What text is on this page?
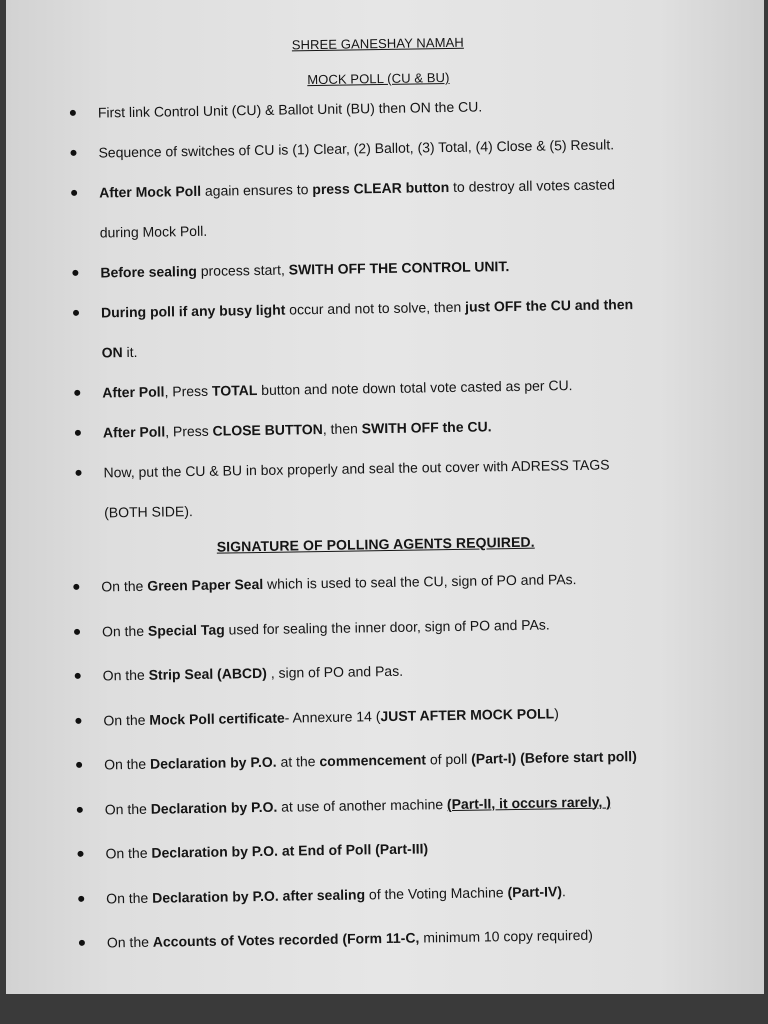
SHREE GANESHAY NAMAH
MOCK POLL (CU & BU)
First link Control Unit (CU) & Ballot Unit (BU) then ON the CU.
Sequence of switches of CU is (1) Clear, (2) Ballot, (3) Total, (4) Close & (5) Result.
After Mock Poll again ensures to press CLEAR button to destroy all votes casted
during Mock Poll.
Before sealing process start, SWITH OFF THE CONTROL UNIT.
During poll if any busy light occur and not to solve, then just OFF the CU and then
ON it.
After Poll, Press TOTAL button and note down total vote casted as per CU.
After Poll, Press CLOSE BUTTON, then SWITH OFF the CU.
Now, put the CU & BU in box properly and seal the out cover with ADRESS TAGS
(BOTH SIDE).
SIGNATURE OF POLLING AGENTS REQUIRED.
On the Green Paper Seal which is used to seal the CU, sign of PO and PAs.
On the Special Tag used for sealing the inner door, sign of PO and PAs.
On the Strip Seal (ABCD) , sign of PO and Pas.
On the Mock Poll certificate- Annexure 14 (JUST AFTER MOCK POLL)
On the Declaration by P.O. at the commencement of poll (Part-I) (Before start poll)
On the Declaration by P.O. at use of another machine (Part-II, it occurs rarely, )
On the Declaration by P.O. at End of Poll (Part-III)
On the Declaration by P.O. after sealing of the Voting Machine (Part-IV).
On the Accounts of Votes recorded (Form 11-C, minimum 10 copy required)
